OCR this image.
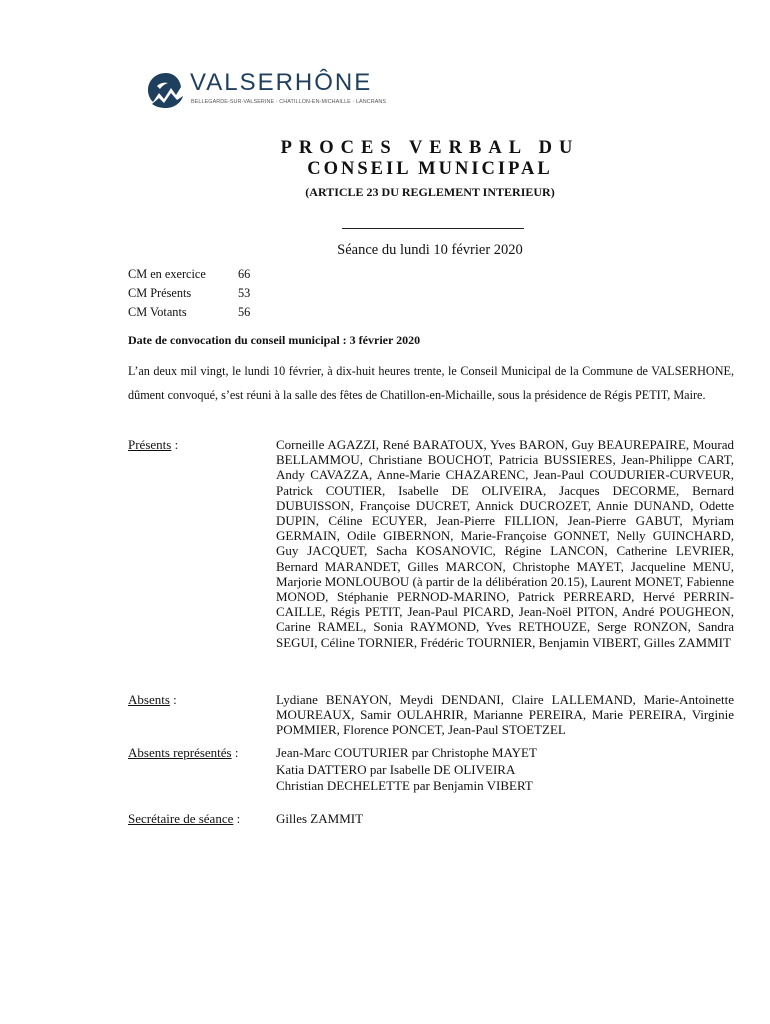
VALSERHÔNE
BELLEGARDE-SUR-VALSERINE · CHATILLON-EN-MICHAILLE · LANCRANS
PROCES VERBAL DU
CONSEIL MUNICIPAL
(ARTICLE 23 DU REGLEMENT INTERIEUR)
Séance du lundi 10 février 2020
CM en exercice	66
CM Présents	53
CM Votants	56
Date de convocation du conseil municipal : 3 février 2020

L’an deux mil vingt, le lundi 10 février, à dix-huit heures trente, le Conseil Municipal de la Commune de VALSERHONE, dûment convoqué, s’est réuni à la salle des fêtes de Chatillon-en-Michaille, sous la présidence de Régis PETIT, Maire.

Présents :	Corneille AGAZZI, René BARATOUX, Yves BARON, Guy BEAUREPAIRE, Mourad BELLAMMOU, Christiane BOUCHOT, Patricia BUSSIERES, Jean-Philippe CART, Andy CAVAZZA, Anne-Marie CHAZARENC, Jean-Paul COUDURIER-CURVEUR, Patrick COUTIER, Isabelle DE OLIVEIRA, Jacques DECORME, Bernard DUBUISSON, Françoise DUCRET, Annick DUCROZET, Annie DUNAND, Odette DUPIN, Céline ECUYER, Jean-Pierre FILLION, Jean-Pierre GABUT, Myriam GERMAIN, Odile GIBERNON, Marie-Françoise GONNET, Nelly GUINCHARD, Guy JACQUET, Sacha KOSANOVIC, Régine LANCON, Catherine LEVRIER, Bernard MARANDET, Gilles MARCON, Christophe MAYET, Jacqueline MENU, Marjorie MONLOUBOU (à partir de la délibération 20.15), Laurent MONET, Fabienne MONOD, Stéphanie PERNOD-MARINO, Patrick PERREARD, Hervé PERRIN-CAILLE, Régis PETIT, Jean-Paul PICARD, Jean-Noël PITON, André POUGHEON, Carine RAMEL, Sonia RAYMOND, Yves RETHOUZE, Serge RONZON, Sandra SEGUI, Céline TORNIER, Frédéric TOURNIER, Benjamin VIBERT, Gilles ZAMMIT

Absents :	Lydiane BENAYON, Meydi DENDANI, Claire LALLEMAND, Marie-Antoinette MOUREAUX, Samir OULAHRIR, Marianne PEREIRA, Marie PEREIRA, Virginie POMMIER, Florence PONCET, Jean-Paul STOETZEL

Absents représentés :	Jean-Marc COUTURIER par Christophe MAYET
Katia DATTERO par Isabelle DE OLIVEIRA
Christian DECHELETTE par Benjamin VIBERT
Secrétaire de séance :	Gilles ZAMMIT
